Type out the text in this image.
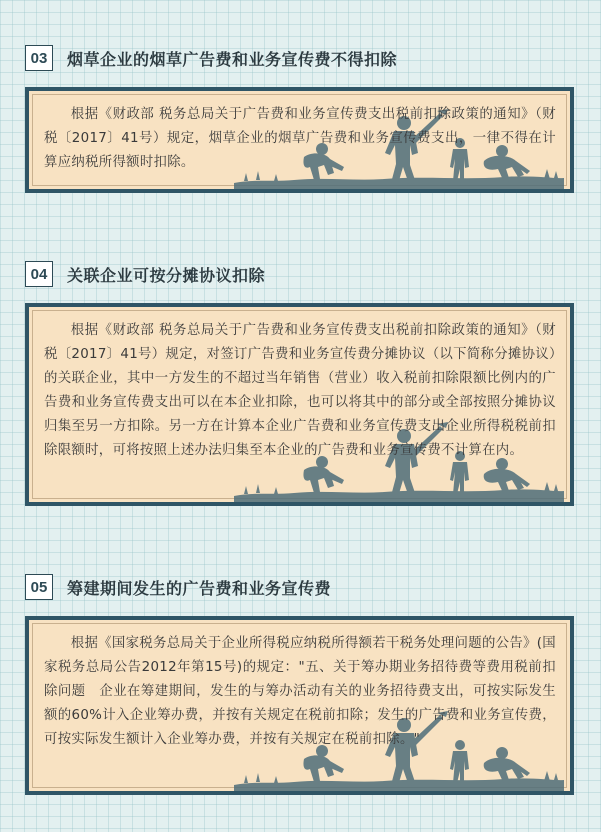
03	烟草企业的烟草广告费和业务宣传费不得扣除
根据《财政部 税务总局关于广告费和业务宣传费支出税前扣除政策的通知》（财税〔2017〕41号）规定，烟草企业的烟草广告费和业务宣传费支出，一律不得在计算应纳税所得额时扣除。
04	关联企业可按分摊协议扣除
根据《财政部 税务总局关于广告费和业务宣传费支出税前扣除政策的通知》（财税〔2017〕41号）规定，对签订广告费和业务宣传费分摊协议（以下简称分摊协议）的关联企业，其中一方发生的不超过当年销售（营业）收入税前扣除限额比例内的广告费和业务宣传费支出可以在本企业扣除，也可以将其中的部分或全部按照分摊协议归集至另一方扣除。另一方在计算本企业广告费和业务宣传费支出企业所得税税前扣除限额时，可将按照上述办法归集至本企业的广告费和业务宣传费不计算在内。
05	筹建期间发生的广告费和业务宣传费
根据《国家税务总局关于企业所得税应纳税所得额若干税务处理问题的公告》(国家税务总局公告2012年第15号)的规定："五、关于筹办期业务招待费等费用税前扣除问题　企业在筹建期间，发生的与筹办活动有关的业务招待费支出，可按实际发生额的60%计入企业筹办费，并按有关规定在税前扣除；发生的广告费和业务宣传费，可按实际发生额计入企业筹办费，并按有关规定在税前扣除。"
